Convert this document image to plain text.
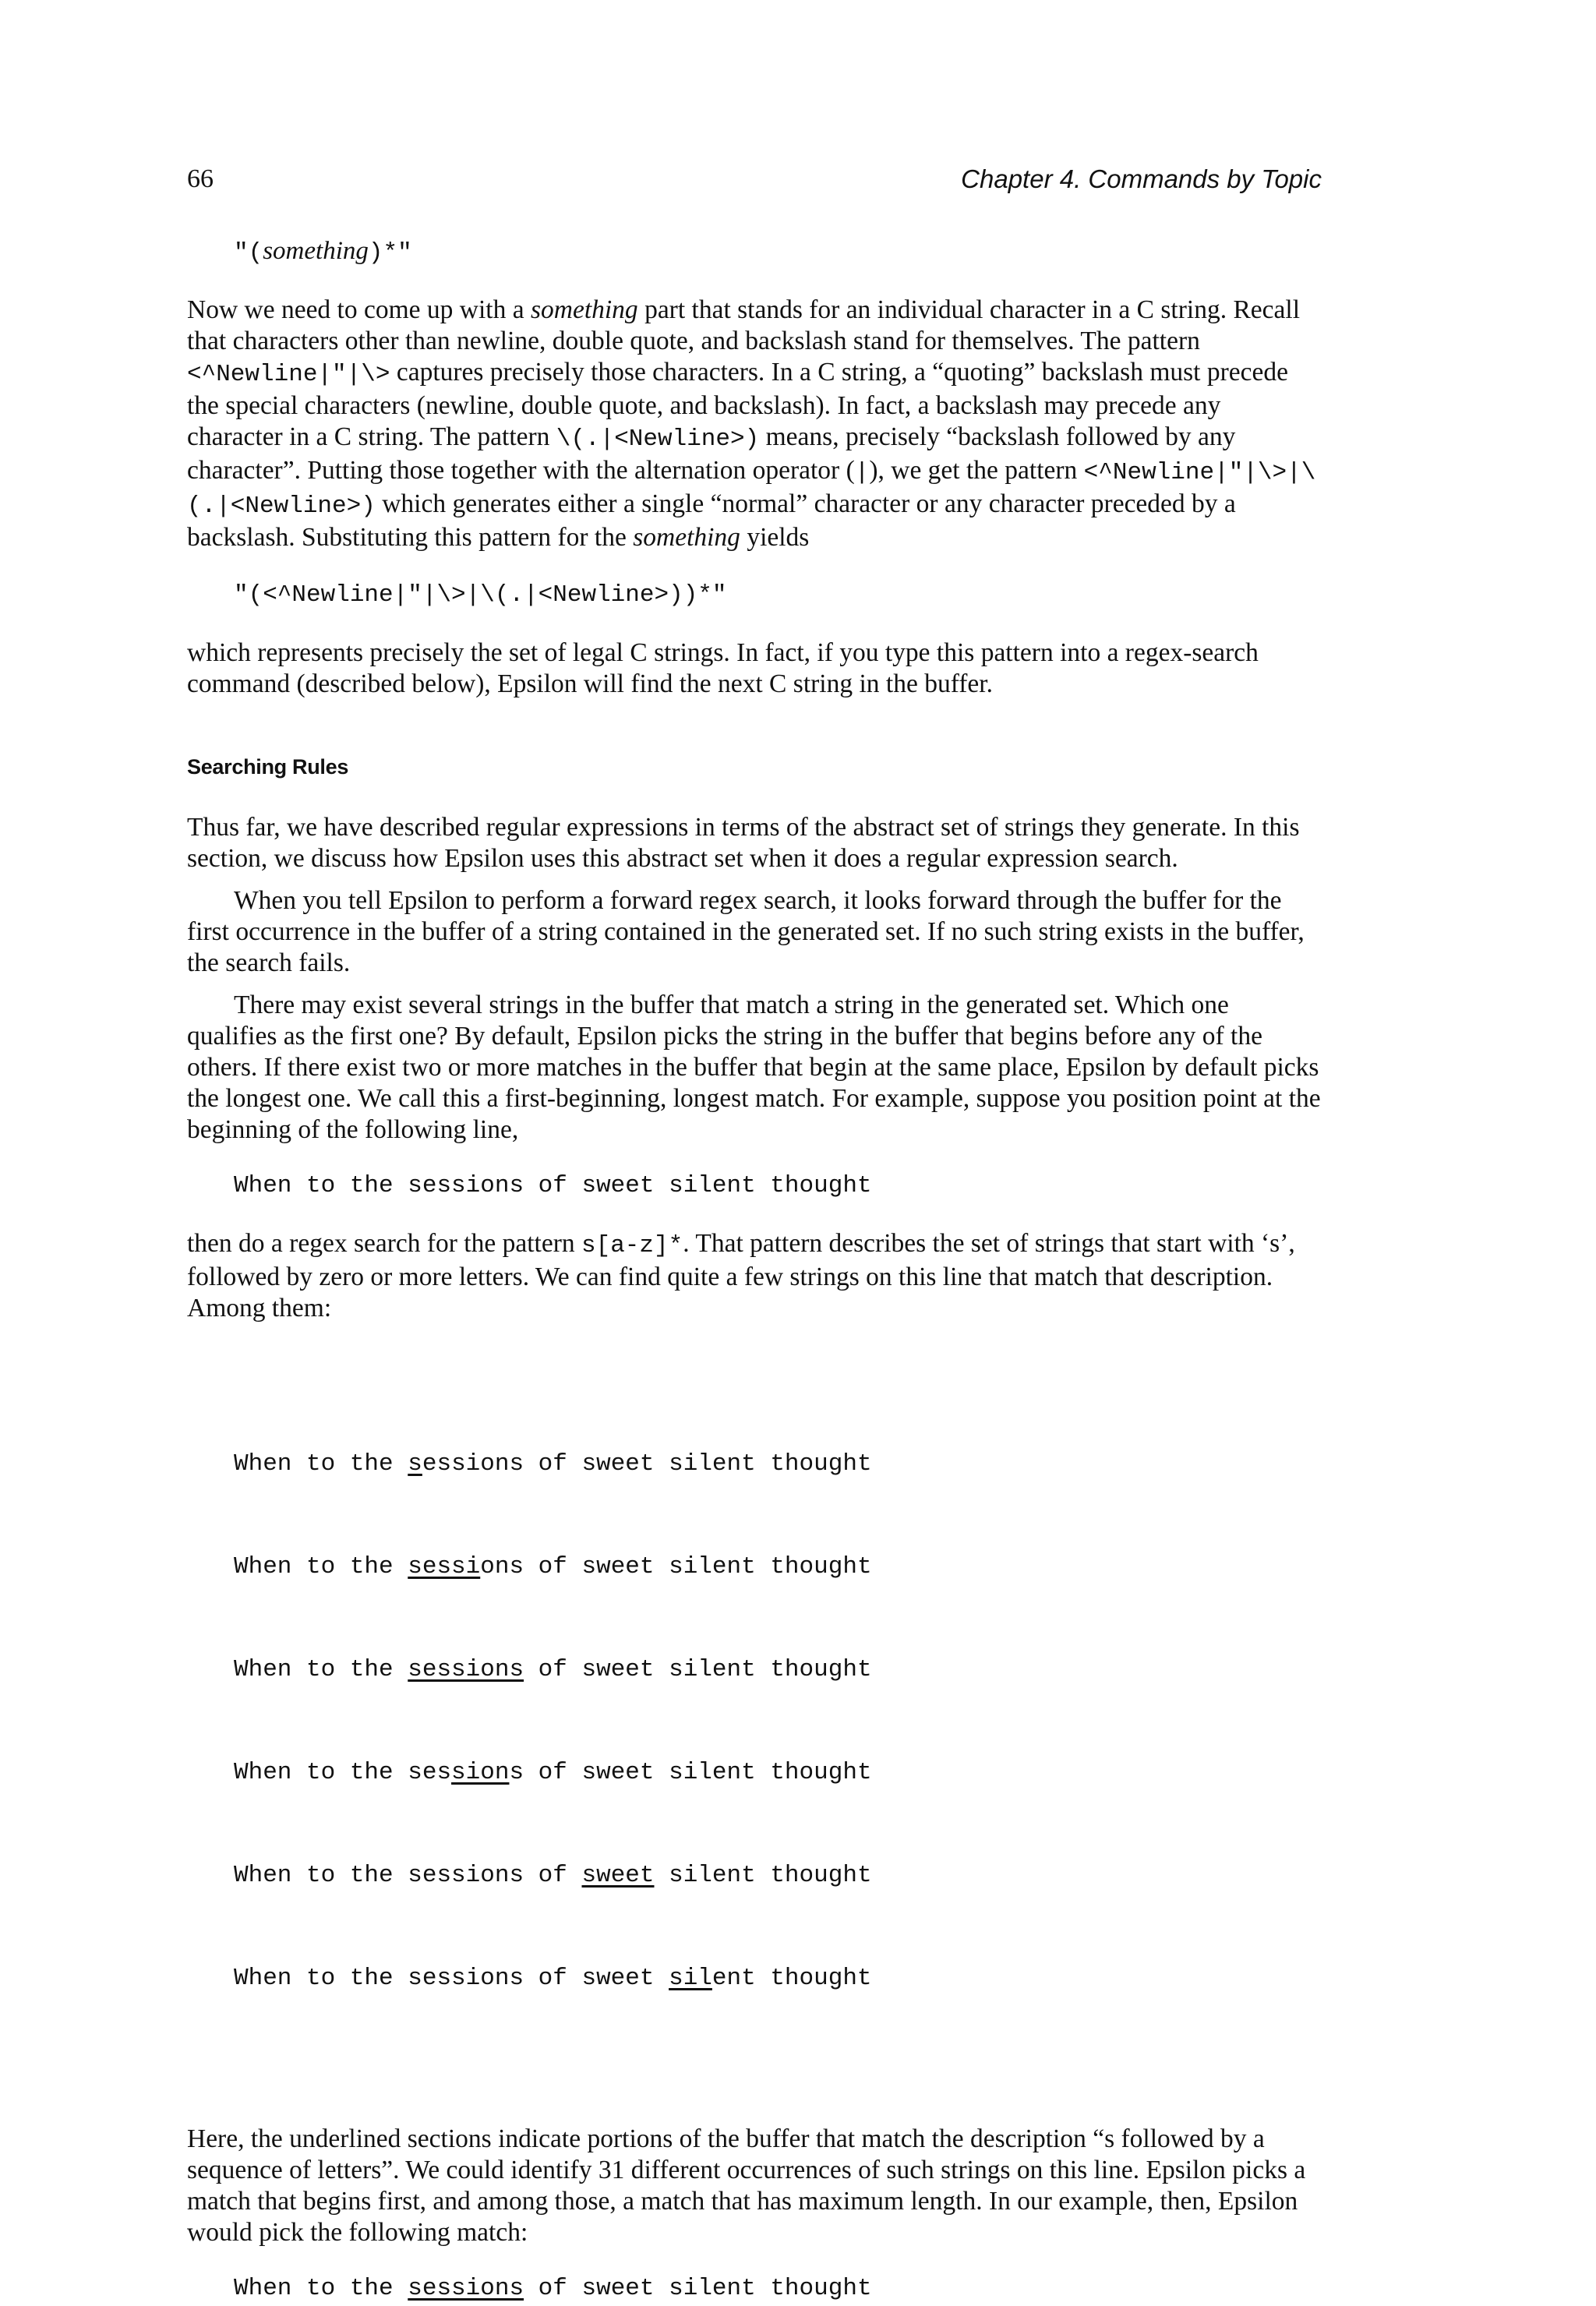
66	Chapter 4. Commands by Topic
"(something)*"

Now we need to come up with a something part that stands for an individual character in a C string. Recall that characters other than newline, double quote, and backslash stand for themselves. The pattern <^Newline|"|\> captures precisely those characters. In a C string, a “quoting” backslash must precede the special characters (newline, double quote, and backslash). In fact, a backslash may precede any character in a C string. The pattern \(.|<Newline>) means, precisely “backslash followed by any character”. Putting those together with the alternation operator (|), we get the pattern <^Newline|"|\>|\(.|<Newline>) which generates either a single “normal” character or any character preceded by a backslash. Substituting this pattern for the something yields

"(<^Newline|"|\>|\(.|<Newline>))*"

which represents precisely the set of legal C strings. In fact, if you type this pattern into a regex-search command (described below), Epsilon will find the next C string in the buffer.

Searching Rules

Thus far, we have described regular expressions in terms of the abstract set of strings they generate. In this section, we discuss how Epsilon uses this abstract set when it does a regular expression search.

When you tell Epsilon to perform a forward regex search, it looks forward through the buffer for the first occurrence in the buffer of a string contained in the generated set. If no such string exists in the buffer, the search fails.

There may exist several strings in the buffer that match a string in the generated set. Which one qualifies as the first one? By default, Epsilon picks the string in the buffer that begins before any of the others. If there exist two or more matches in the buffer that begin at the same place, Epsilon by default picks the longest one. We call this a first-beginning, longest match. For example, suppose you position point at the beginning of the following line,

When to the sessions of sweet silent thought

then do a regex search for the pattern s[a-z]*. That pattern describes the set of strings that start with ‘s’, followed by zero or more letters. We can find quite a few strings on this line that match that description. Among them:

When to the sessions of sweet silent thought

When to the sessions of sweet silent thought

When to the sessions of sweet silent thought

When to the sessions of sweet silent thought

When to the sessions of sweet silent thought

When to the sessions of sweet silent thought

Here, the underlined sections indicate portions of the buffer that match the description “s followed by a sequence of letters”. We could identify 31 different occurrences of such strings on this line. Epsilon picks a match that begins first, and among those, a match that has maximum length. In our example, then, Epsilon would pick the following match:

When to the sessions of sweet silent thought
